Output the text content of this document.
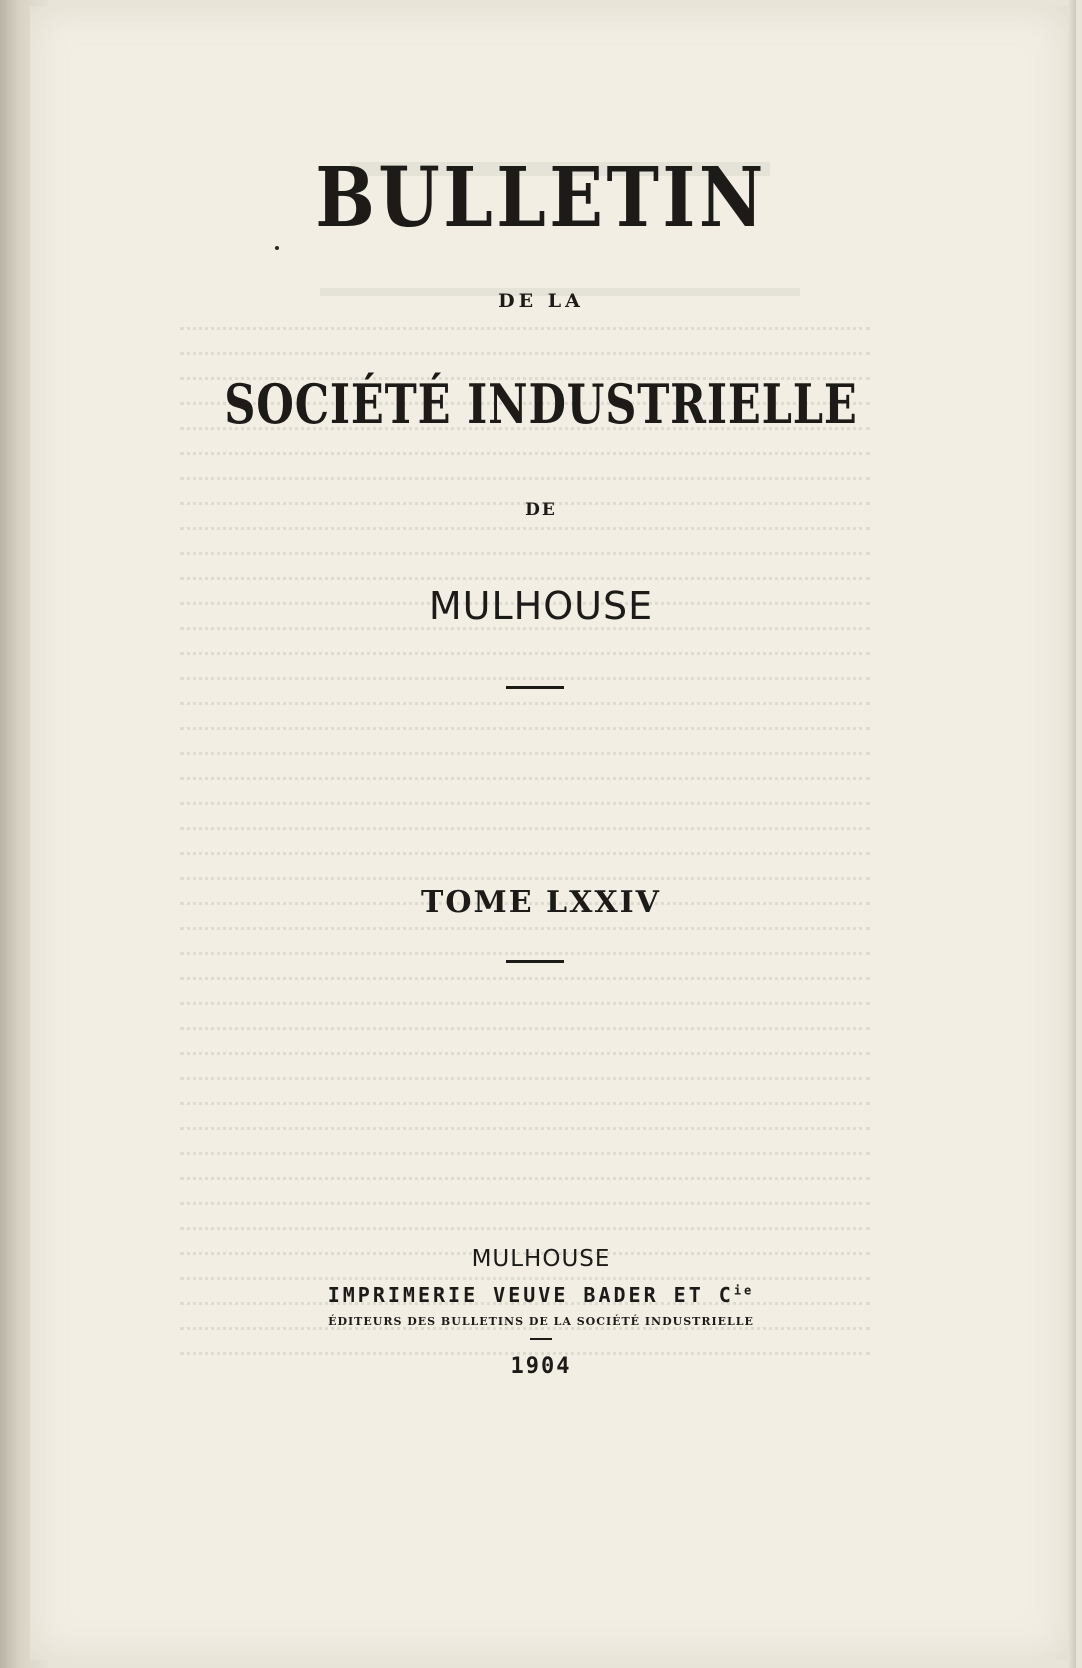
BULLETIN
DE LA
SOCIÉTÉ INDUSTRIELLE
DE
MULHOUSE
TOME LXXIV
MULHOUSE
IMPRIMERIE VEUVE BADER ET $C^{ie}$
ÉDITEURS DES BULLETINS DE LA SOCIÉTÉ INDUSTRIELLE
1904
